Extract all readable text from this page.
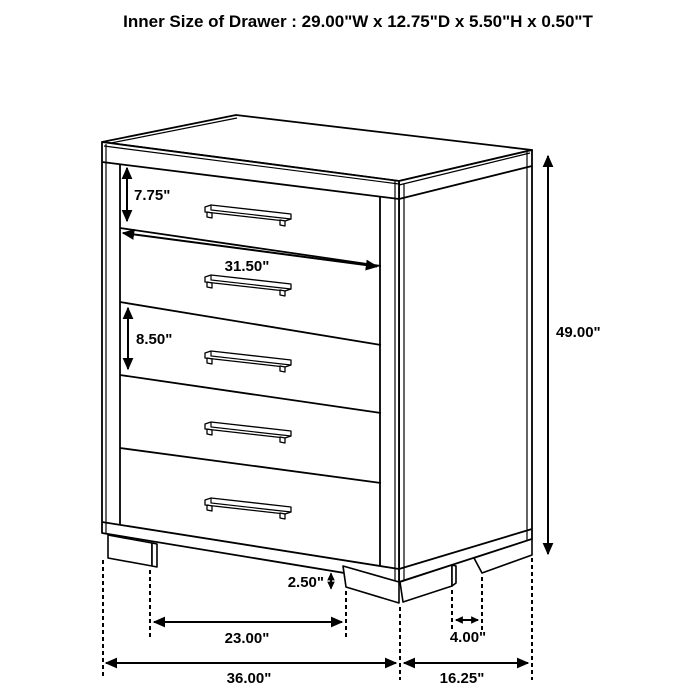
Inner Size of Drawer : 29.00"W x 12.75"D x 5.50"H x 0.50"T
7.75"
31.50"
8.50"	49.00"
2.50"
23.00"	4.00"
36.00"	16.25"
